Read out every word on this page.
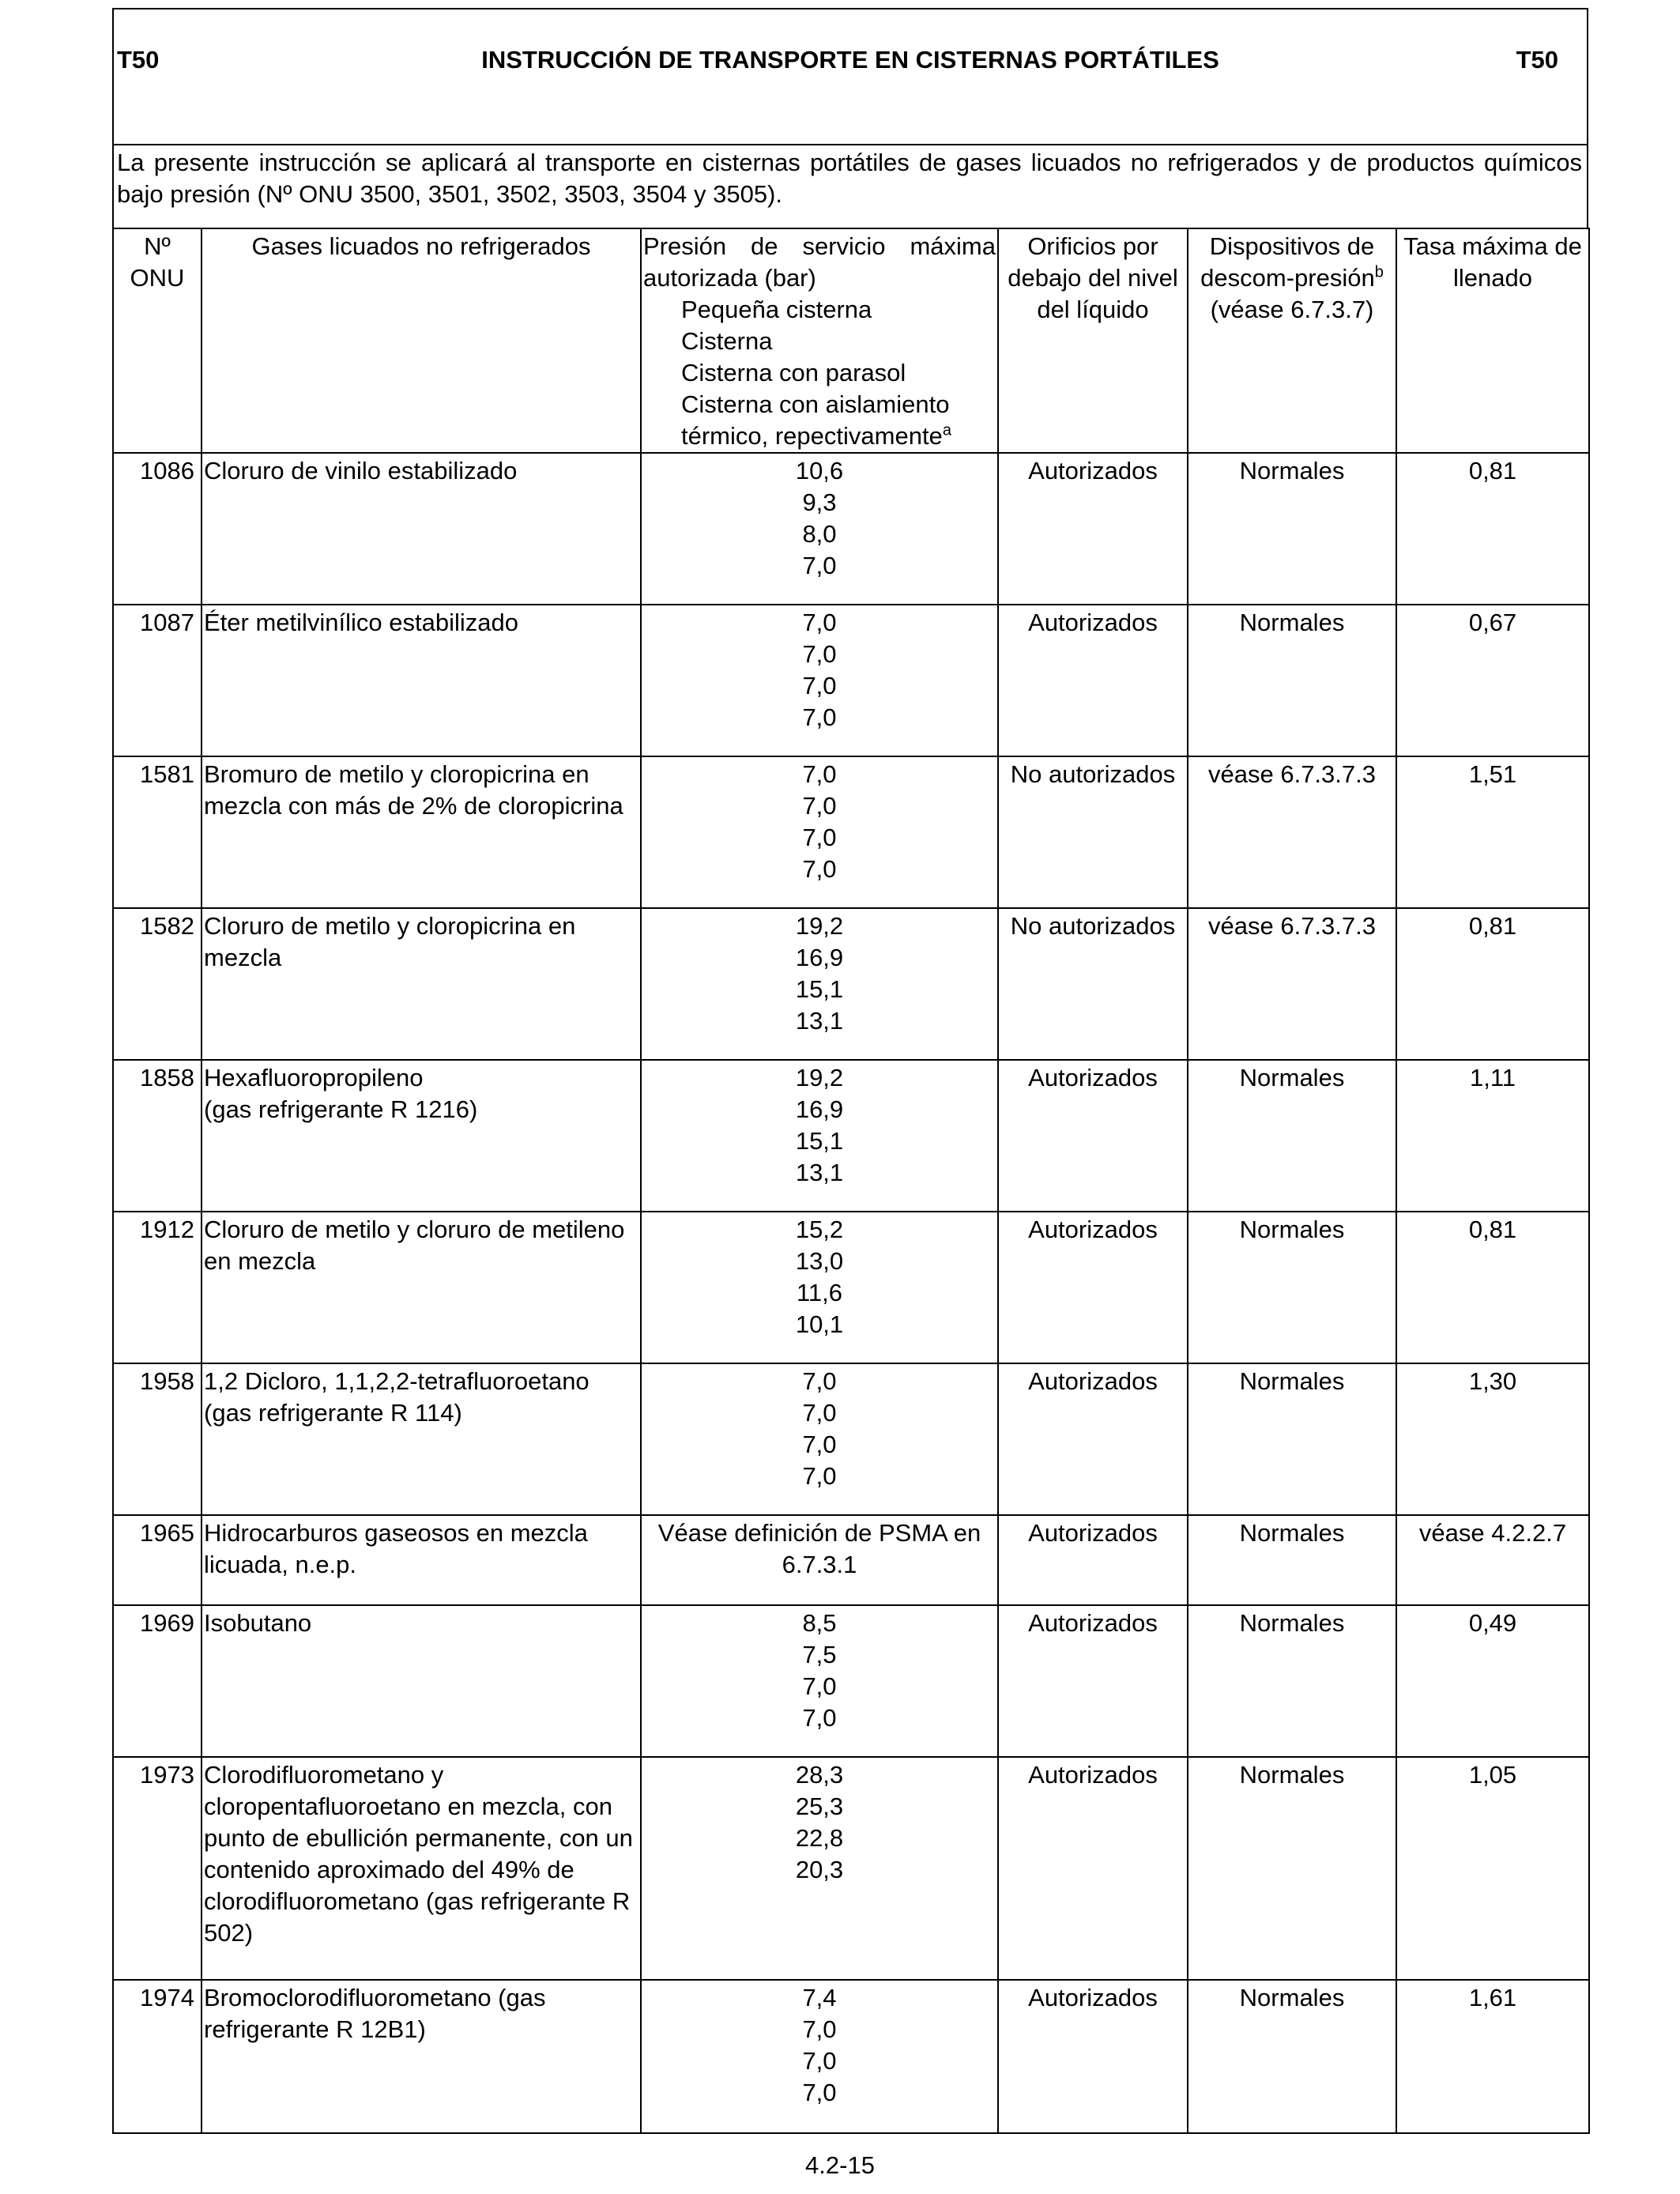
T50	INSTRUCCIÓN DE TRANSPORTE EN CISTERNAS PORTÁTILES	T50

La presente instrucción se aplicará al transporte en cisternas portátiles de gases licuados no refrigerados y de productos químicos bajo presión (Nº ONU 3500, 3501, 3502, 3503, 3504 y 3505).

Nº ONU	Gases licuados no refrigerados	Presión de servicio máxima autorizada (bar)
Pequeña cisterna
Cisterna
Cisterna con parasol
Cisterna con aislamiento térmico, repectivamente$^a$	Orificios por debajo del nivel del líquido	Dispositivos de descom-presión$^b$ (véase 6.7.3.7)	Tasa máxima de llenado

1086	Cloruro de vinilo estabilizado	10,6
9,3
8,0
7,0	Autorizados	Normales	0,81

1087	Éter metilvinílico estabilizado	7,0
7,0
7,0
7,0	Autorizados	Normales	0,67

1581	Bromuro de metilo y cloropicrina en mezcla con más de 2% de cloropicrina	7,0
7,0
7,0
7,0	No autorizados	véase 6.7.3.7.3	1,51

1582	Cloruro de metilo y cloropicrina en mezcla	19,2
16,9
15,1
13,1	No autorizados	véase 6.7.3.7.3	0,81

1858	Hexafluoropropileno
(gas refrigerante R 1216)	19,2
16,9
15,1
13,1	Autorizados	Normales	1,11

1912	Cloruro de metilo y cloruro de metileno en mezcla	15,2
13,0
11,6
10,1	Autorizados	Normales	0,81

1958	1,2 Dicloro, 1,1,2,2-tetrafluoroetano (gas refrigerante R 114)	7,0
7,0
7,0
7,0	Autorizados	Normales	1,30

1965	Hidrocarburos gaseosos en mezcla licuada, n.e.p.	Véase definición de PSMA en 6.7.3.1	Autorizados	Normales	véase 4.2.2.7

1969	Isobutano	8,5
7,5
7,0
7,0	Autorizados	Normales	0,49

1973	Clorodifluorometano y cloropentafluoroetano en mezcla, con punto de ebullición permanente, con un contenido aproximado del 49% de clorodifluorometano (gas refrigerante R 502)	28,3
25,3
22,8
20,3	Autorizados	Normales	1,05

1974	Bromoclorodifluorometano (gas refrigerante R 12B1)	7,4
7,0
7,0
7,0	Autorizados	Normales	1,61
4.2-15
